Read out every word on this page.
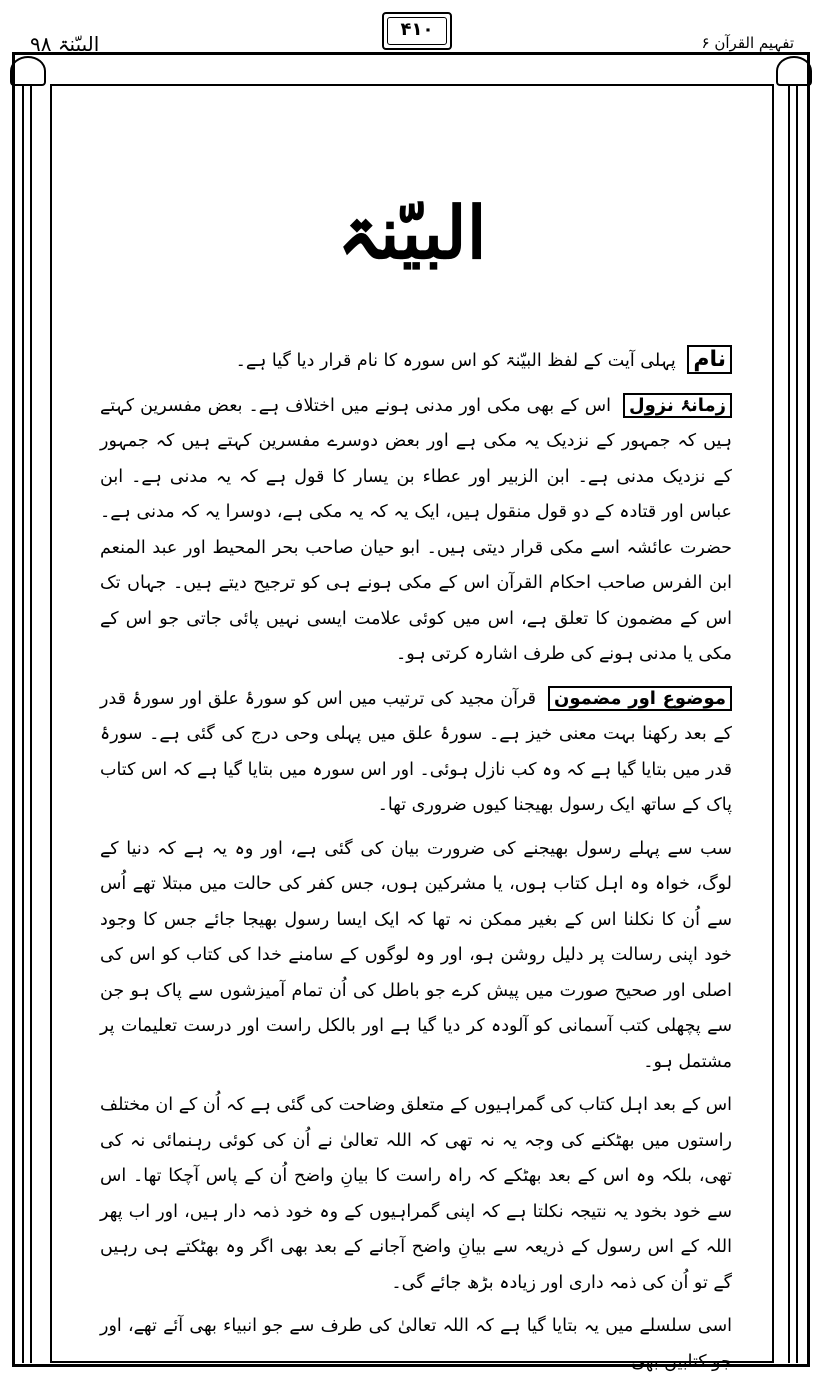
البیّنۃ ۹۸
۴۱۰
تفہیم القرآن ۶
البیّنۃ

نام پہلی آیت کے لفظ البیّنۃ کو اس سورہ کا نام قرار دیا گیا ہے۔

زمانۂ نزول اس کے بھی مکی اور مدنی ہونے میں اختلاف ہے۔ بعض مفسرین کہتے ہیں کہ جمہور کے نزدیک یہ مکی ہے اور بعض دوسرے مفسرین کہتے ہیں کہ جمہور کے نزدیک مدنی ہے۔ ابن الزبیر اور عطاء بن یسار کا قول ہے کہ یہ مدنی ہے۔ ابن عباس اور قتادہ کے دو قول منقول ہیں، ایک یہ کہ یہ مکی ہے، دوسرا یہ کہ مدنی ہے۔ حضرت عائشہ اسے مکی قرار دیتی ہیں۔ ابو حیان صاحب بحر المحیط اور عبد المنعم ابن الفرس صاحب احکام القرآن اس کے مکی ہونے ہی کو ترجیح دیتے ہیں۔ جہاں تک اس کے مضمون کا تعلق ہے، اس میں کوئی علامت ایسی نہیں پائی جاتی جو اس کے مکی یا مدنی ہونے کی طرف اشارہ کرتی ہو۔

موضوع اور مضمون قرآن مجید کی ترتیب میں اس کو سورۂ علق اور سورۂ قدر کے بعد رکھنا بہت معنی خیز ہے۔ سورۂ علق میں پہلی وحی درج کی گئی ہے۔ سورۂ قدر میں بتایا گیا ہے کہ وہ کب نازل ہوئی۔ اور اس سورہ میں بتایا گیا ہے کہ اس کتاب پاک کے ساتھ ایک رسول بھیجنا کیوں ضروری تھا۔

سب سے پہلے رسول بھیجنے کی ضرورت بیان کی گئی ہے، اور وہ یہ ہے کہ دنیا کے لوگ، خواہ وہ اہل کتاب ہوں، یا مشرکین ہوں، جس کفر کی حالت میں مبتلا تھے اُس سے اُن کا نکلنا اس کے بغیر ممکن نہ تھا کہ ایک ایسا رسول بھیجا جائے جس کا وجود خود اپنی رسالت پر دلیل روشن ہو، اور وہ لوگوں کے سامنے خدا کی کتاب کو اس کی اصلی اور صحیح صورت میں پیش کرے جو باطل کی اُن تمام آمیزشوں سے پاک ہو جن سے پچھلی کتب آسمانی کو آلودہ کر دیا گیا ہے اور بالکل راست اور درست تعلیمات پر مشتمل ہو۔

اس کے بعد اہل کتاب کی گمراہیوں کے متعلق وضاحت کی گئی ہے کہ اُن کے ان مختلف راستوں میں بھٹکنے کی وجہ یہ نہ تھی کہ اللہ تعالیٰ نے اُن کی کوئی رہنمائی نہ کی تھی، بلکہ وہ اس کے بعد بھٹکے کہ راہ راست کا بیانِ واضح اُن کے پاس آچکا تھا۔ اس سے خود بخود یہ نتیجہ نکلتا ہے کہ اپنی گمراہیوں کے وہ خود ذمہ دار ہیں، اور اب پھر اللہ کے اس رسول کے ذریعہ سے بیانِ واضح آجانے کے بعد بھی اگر وہ بھٹکتے ہی رہیں گے تو اُن کی ذمہ داری اور زیادہ بڑھ جائے گی۔

اسی سلسلے میں یہ بتایا گیا ہے کہ اللہ تعالیٰ کی طرف سے جو انبیاء بھی آئے تھے، اور جو کتابیں بھی
